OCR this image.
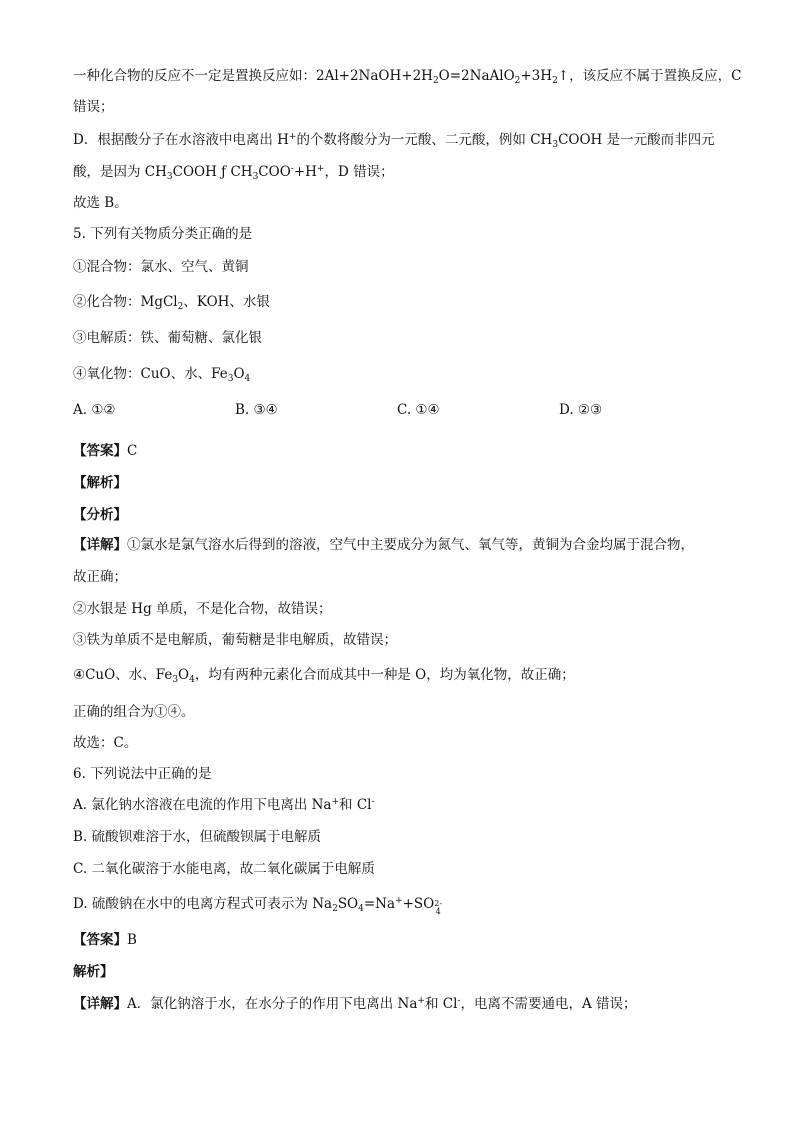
一种化合物的反应不一定是置换反应如：$2Al+2NaOH+2H_2O=2NaAlO_2+3H_2↑$，该反应不属于置换反应，C
错误；
D．根据酸分子在水溶液中电离出 H+的个数将酸分为一元酸、二元酸，例如 $CH_3COOH$ 是一元酸而非四元
酸，是因为 $CH_3COOH$ ƒ $CH_3COO^-+H^+$，D 错误；
故选 B。
5. 下列有关物质分类正确的是
①混合物：氯水、空气、黄铜
②化合物：MgCl$_2$、KOH、水银
③电解质：铁、葡萄糖、氯化银
④氧化物：CuO、水、$Fe_3O_4$
A. ①②	B. ③④	C. ①④	D. ②③
【答案】C
【解析】
【分析】
【详解】①氯水是氯气溶水后得到的溶液，空气中主要成分为氮气、氧气等，黄铜为合金均属于混合物，
故正确；
②水银是 Hg 单质，不是化合物，故错误；
③铁为单质不是电解质，葡萄糖是非电解质，故错误；
④CuO、水、$Fe_3O_4$，均有两种元素化合而成其中一种是 O，均为氧化物，故正确；
正确的组合为①④。
故选：C。
6. 下列说法中正确的是
A. 氯化钠水溶液在电流的作用下电离出 Na+和 Cl-
B. 硫酸钡难溶于水，但硫酸钡属于电解质
C. 二氧化碳溶于水能电离，故二氧化碳属于电解质
D. 硫酸钠在水中的电离方程式可表示为 $Na_2SO_4=Na^++SO$ 2-
4
【答案】B
解析】
【详解】A．氯化钠溶于水，在水分子的作用下电离出 Na+和 Cl-，电离不需要通电，A 错误；
